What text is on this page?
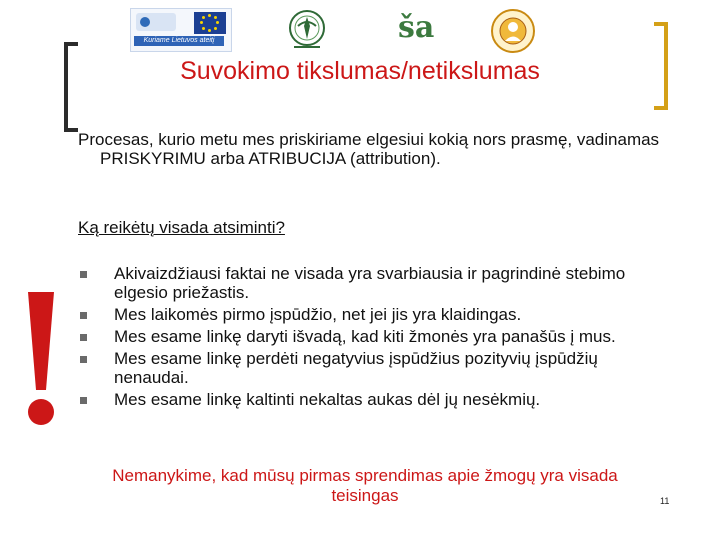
Kuriame Lietuvos ateitį	ša
Suvokimo tikslumas/netikslumas

Procesas, kurio metu mes priskiriame elgesiui kokią nors prasmę, vadinamas PRISKYRIMU arba ATRIBUCIJA (attribution).

Ką reikėtų visada atsiminti?

Akivaizdžiausi faktai ne visada yra svarbiausia ir pagrindinė stebimo elgesio priežastis.
Mes laikomės pirmo įspūdžio, net jei jis yra klaidingas.
Mes esame linkę daryti išvadą, kad kiti žmonės yra panašūs į mus.
Mes esame linkę perdėti negatyvius įspūdžius pozityvių įspūdžių nenaudai.
Mes esame linkę kaltinti nekaltas aukas dėl jų nesėkmių.

Nemanykime, kad mūsų pirmas sprendimas apie žmogų yra visada teisingas	11
